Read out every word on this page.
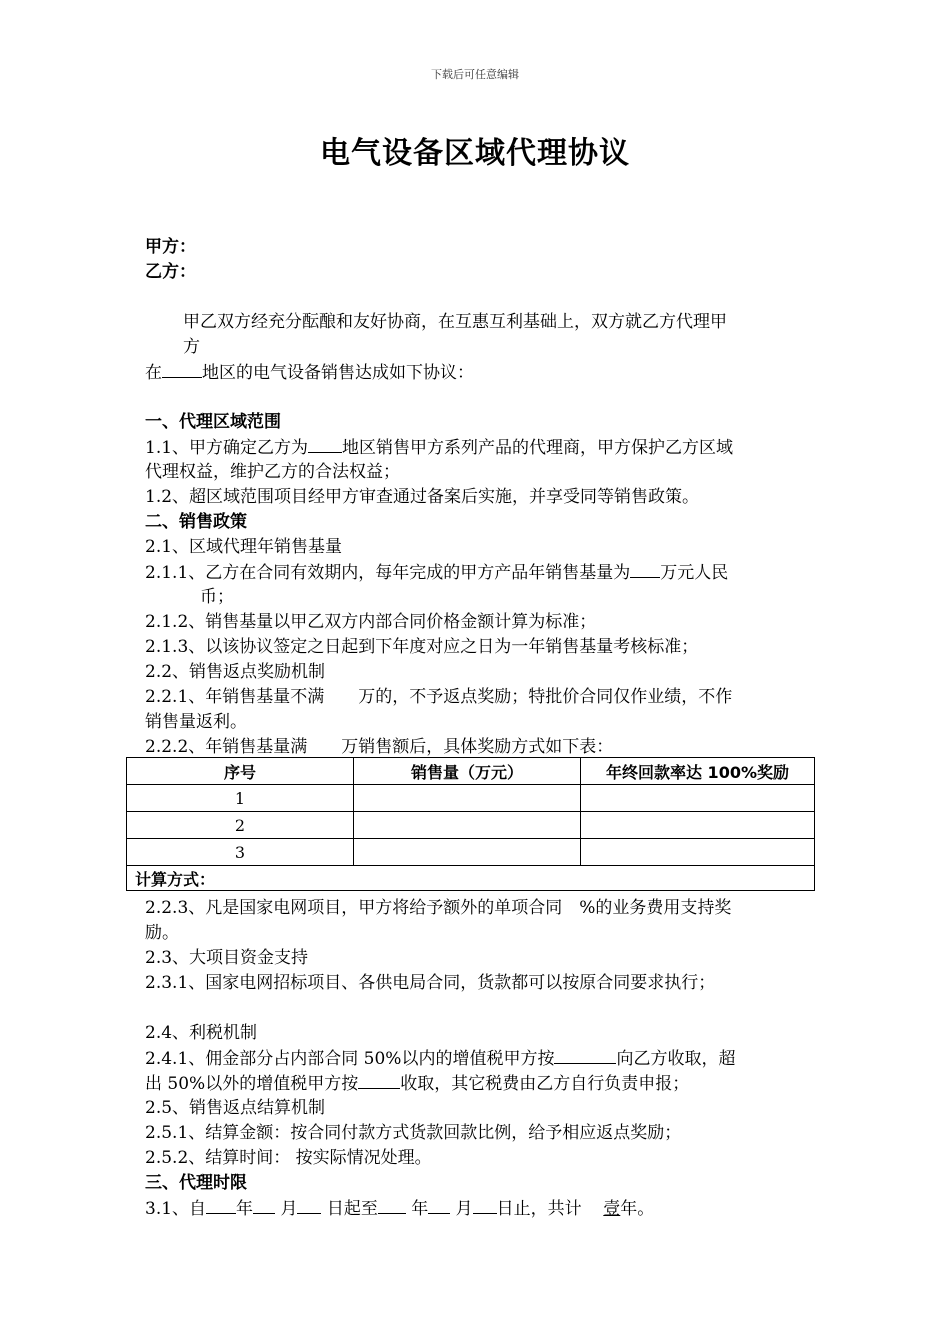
下载后可任意编辑
电气设备区域代理协议
甲方：
乙方：
甲乙双方经充分酝酿和友好协商，在互惠互利基础上，双方就乙方代理甲
方
在 地区的电气设备销售达成如下协议：
一、代理区域范围
1.1、甲方确定乙方为 地区销售甲方系列产品的代理商，甲方保护乙方区域
代理权益，维护乙方的合法权益；
1.2、超区域范围项目经甲方审查通过备案后实施，并享受同等销售政策。
二、销售政策
2.1、区域代理年销售基量
2.1.1、乙方在合同有效期内，每年完成的甲方产品年销售基量为 万元人民
币；
2.1.2、销售基量以甲乙双方内部合同价格金额计算为标准；
2.1.3、以该协议签定之日起到下年度对应之日为一年销售基量考核标准；
2.2、销售返点奖励机制
2.2.1、年销售基量不满　　万的，不予返点奖励；特批价合同仅作业绩，不作
销售量返利。
2.2.2、年销售基量满　　万销售额后，具体奖励方式如下表：
序号	销售量（万元）	年终回款率达 100%奖励
1		
2		
3		
计算方式：		
2.2.3、凡是国家电网项目，甲方将给予额外的单项合同　%的业务费用支持奖
励。
2.3、大项目资金支持
2.3.1、国家电网招标项目、各供电局合同，货款都可以按原合同要求执行；
2.4、利税机制
2.4.1、佣金部分占内部合同 50%以内的增值税甲方按	向乙方收取，超
出 50%以外的增值税甲方按 收取，其它税费由乙方自行负责申报；
2.5、销售返点结算机制
2.5.1、结算金额：按合同付款方式货款回款比例，给予相应返点奖励；
2.5.2、结算时间： 按实际情况处理。
三、代理时限
3.1、自 年 月 日起至 年 月 日止，共计 壹年。
